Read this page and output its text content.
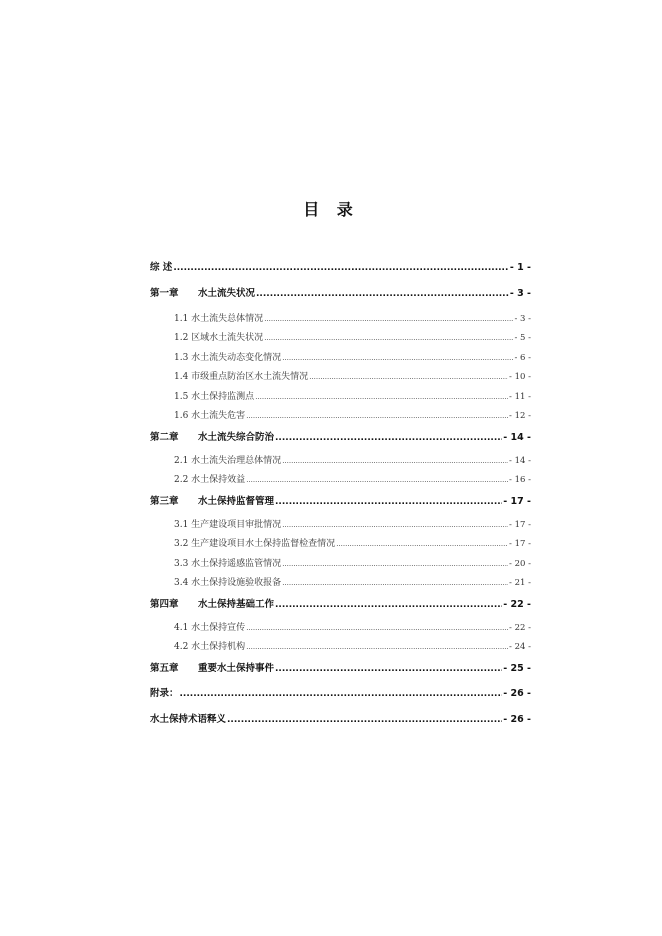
目 录
综 述 .....	- 1 -
第一章 水土流失状况 .....	- 3 -
1.1 水土流失总体情况 .....	- 3 -
1.2 区域水土流失状况 .....	- 5 -
1.3 水土流失动态变化情况 .....	- 6 -
1.4 市级重点防治区水土流失情况 .....	- 10 -
1.5 水土保持监测点 .....	- 11 -
1.6 水土流失危害 .....	- 12 -
第二章 水土流失综合防治 .....	- 14 -
2.1 水土流失治理总体情况 .....	- 14 -
2.2 水土保持效益 .....	- 16 -
第三章 水土保持监督管理 .....	- 17 -
3.1 生产建设项目审批情况 .....	- 17 -
3.2 生产建设项目水土保持监督检查情况 .....	- 17 -
3.3 水土保持遥感监管情况 .....	- 20 -
3.4 水土保持设施验收报备 .....	- 21 -
第四章 水土保持基础工作 .....	- 22 -
4.1 水土保持宣传 .....	- 22 -
4.2 水土保持机构 .....	- 24 -
第五章 重要水土保持事件 .....	- 25 -
附录： .....	- 26 -
水土保持术语释义 .....	- 26 -
